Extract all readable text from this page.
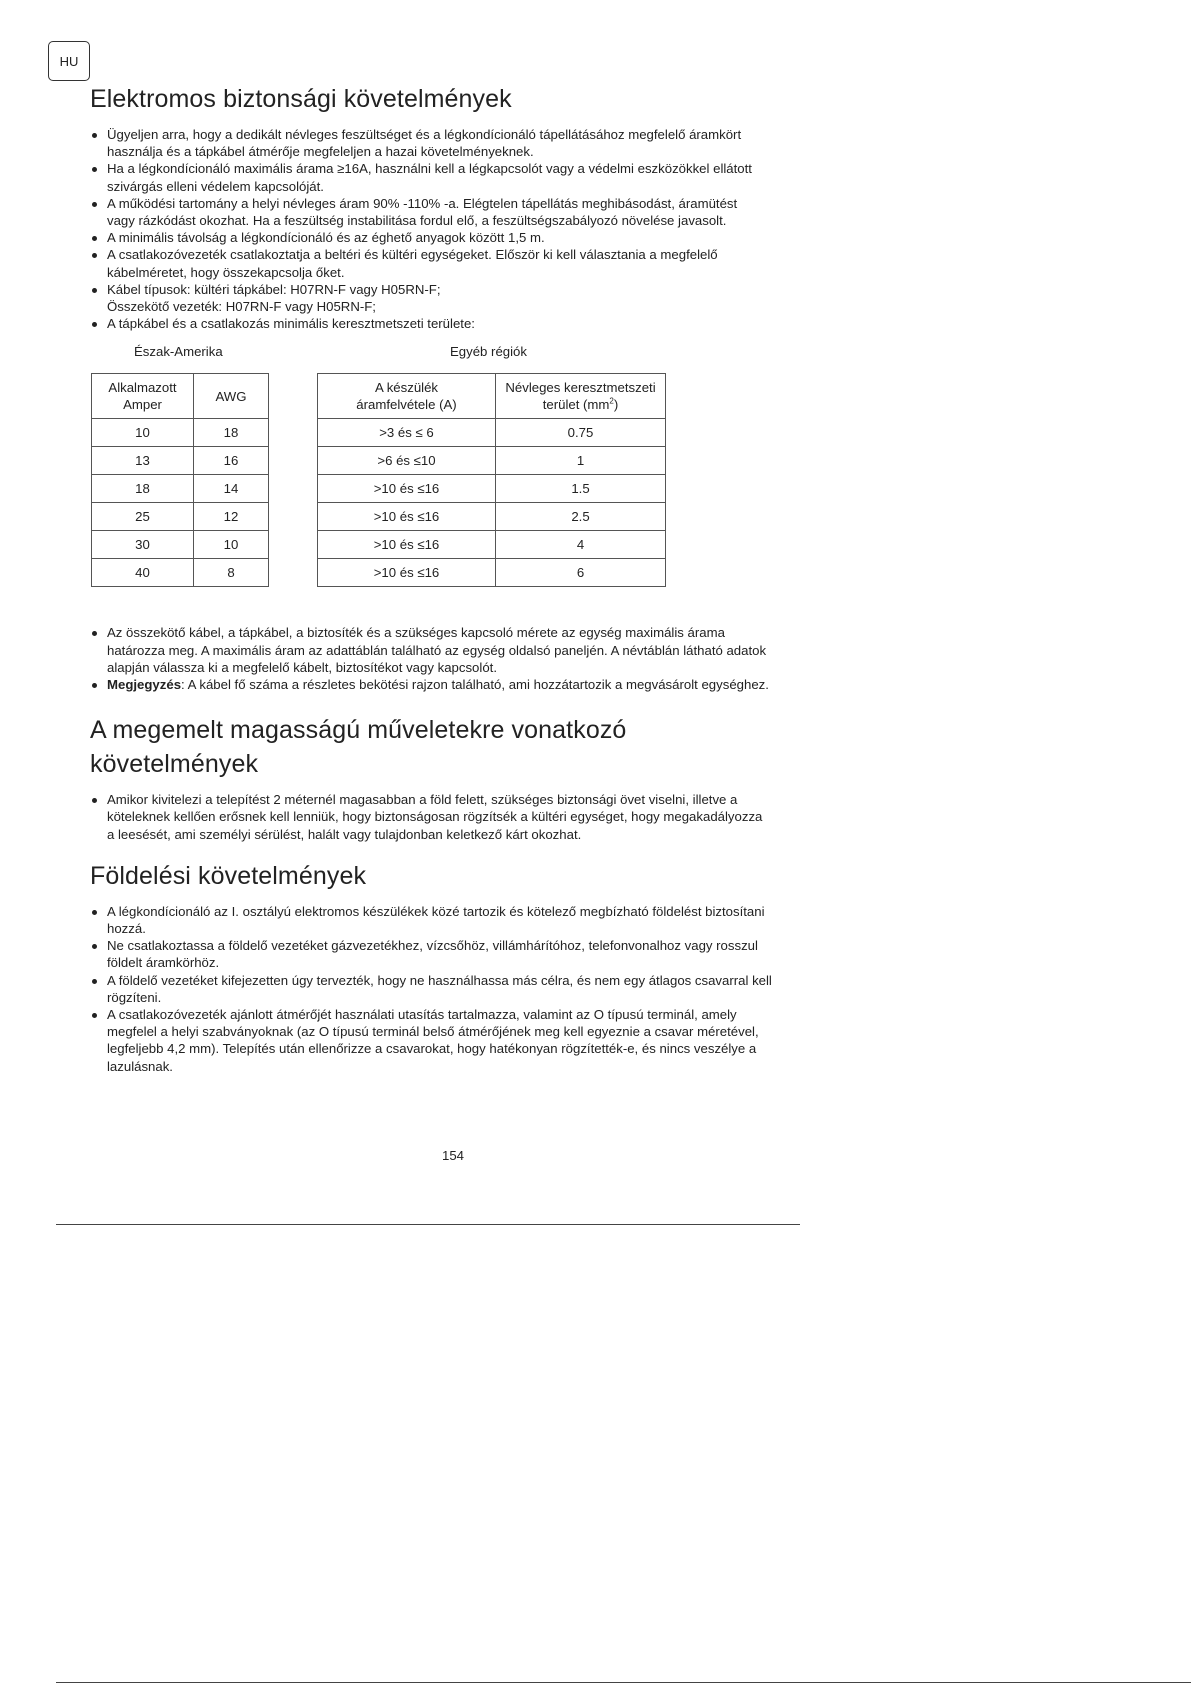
HU
Elektromos biztonsági követelmények
Ügyeljen arra, hogy a dedikált névleges feszültséget és a légkondícionáló tápellátásához megfelelő áramkört
használja és a tápkábel átmérője megfeleljen a hazai követelményeknek.
Ha a légkondícionáló maximális árama ≥16A, használni kell a légkapcsolót vagy a védelmi eszközökkel ellátott
szivárgás elleni védelem kapcsolóját.
A működési tartomány a helyi névleges áram 90% -110% -a. Elégtelen tápellátás meghibásodást, áramütést
vagy rázkódást okozhat. Ha a feszültség instabilitása fordul elő, a feszültségszabályozó növelése javasolt.
A minimális távolság a légkondícionáló és az éghető anyagok között 1,5 m.
A csatlakozóvezeték csatlakoztatja a beltéri és kültéri egységeket. Először ki kell választania a megfelelő
kábelméretet, hogy összekapcsolja őket.
Kábel típusok: kültéri tápkábel: H07RN-F vagy H05RN-F;
Összekötő vezeték: H07RN-F vagy H05RN-F;
A tápkábel és a csatlakozás minimális keresztmetszeti területe:
Észak-Amerika	Egyéb régiók
Alkalmazott
Amper	AWG
10	18
13	16
18	14
25	12
30	10
40	8
A készülék
áramfelvétele (A)	Névleges keresztmetszeti
terület $(mm^2)$
>3 és ≤ 6	0.75
>6 és ≤10	1
>10 és ≤16	1.5
>10 és ≤16	2.5
>10 és ≤16	4
>10 és ≤16	6
Az összekötő kábel, a tápkábel, a biztosíték és a szükséges kapcsoló mérete az egység maximális árama
határozza meg. A maximális áram az adattáblán található az egység oldalsó paneljén. A névtáblán látható adatok
alapján válassza ki a megfelelő kábelt, biztosítékot vagy kapcsolót.
Megjegyzés: A kábel fő száma a részletes bekötési rajzon található, ami hozzátartozik a megvásárolt egységhez.
A megemelt magasságú műveletekre vonatkozó követelmények
Amikor kivitelezi a telepítést 2 méternél magasabban a föld felett, szükséges biztonsági övet viselni, illetve a
köteleknek kellően erősnek kell lenniük, hogy biztonságosan rögzítsék a kültéri egységet, hogy megakadályozza
a leesését, ami személyi sérülést, halált vagy tulajdonban keletkező kárt okozhat.
Földelési követelmények
A légkondícionáló az I. osztályú elektromos készülékek közé tartozik és kötelező megbízható földelést biztosítani
hozzá.
Ne csatlakoztassa a földelő vezetéket gázvezetékhez, vízcsőhöz, villámhárítóhoz, telefonvonalhoz vagy rosszul
földelt áramkörhöz.
A földelő vezetéket kifejezetten úgy tervezték, hogy ne használhassa más célra, és nem egy átlagos csavarral kell
rögzíteni.
A csatlakozóvezeték ajánlott átmérőjét használati utasítás tartalmazza, valamint az O típusú terminál, amely
megfelel a helyi szabványoknak (az O típusú terminál belső átmérőjének meg kell egyeznie a csavar méretével,
legfeljebb 4,2 mm). Telepítés után ellenőrizze a csavarokat, hogy hatékonyan rögzítették-e, és nincs veszélye a
lazulásnak.
154
